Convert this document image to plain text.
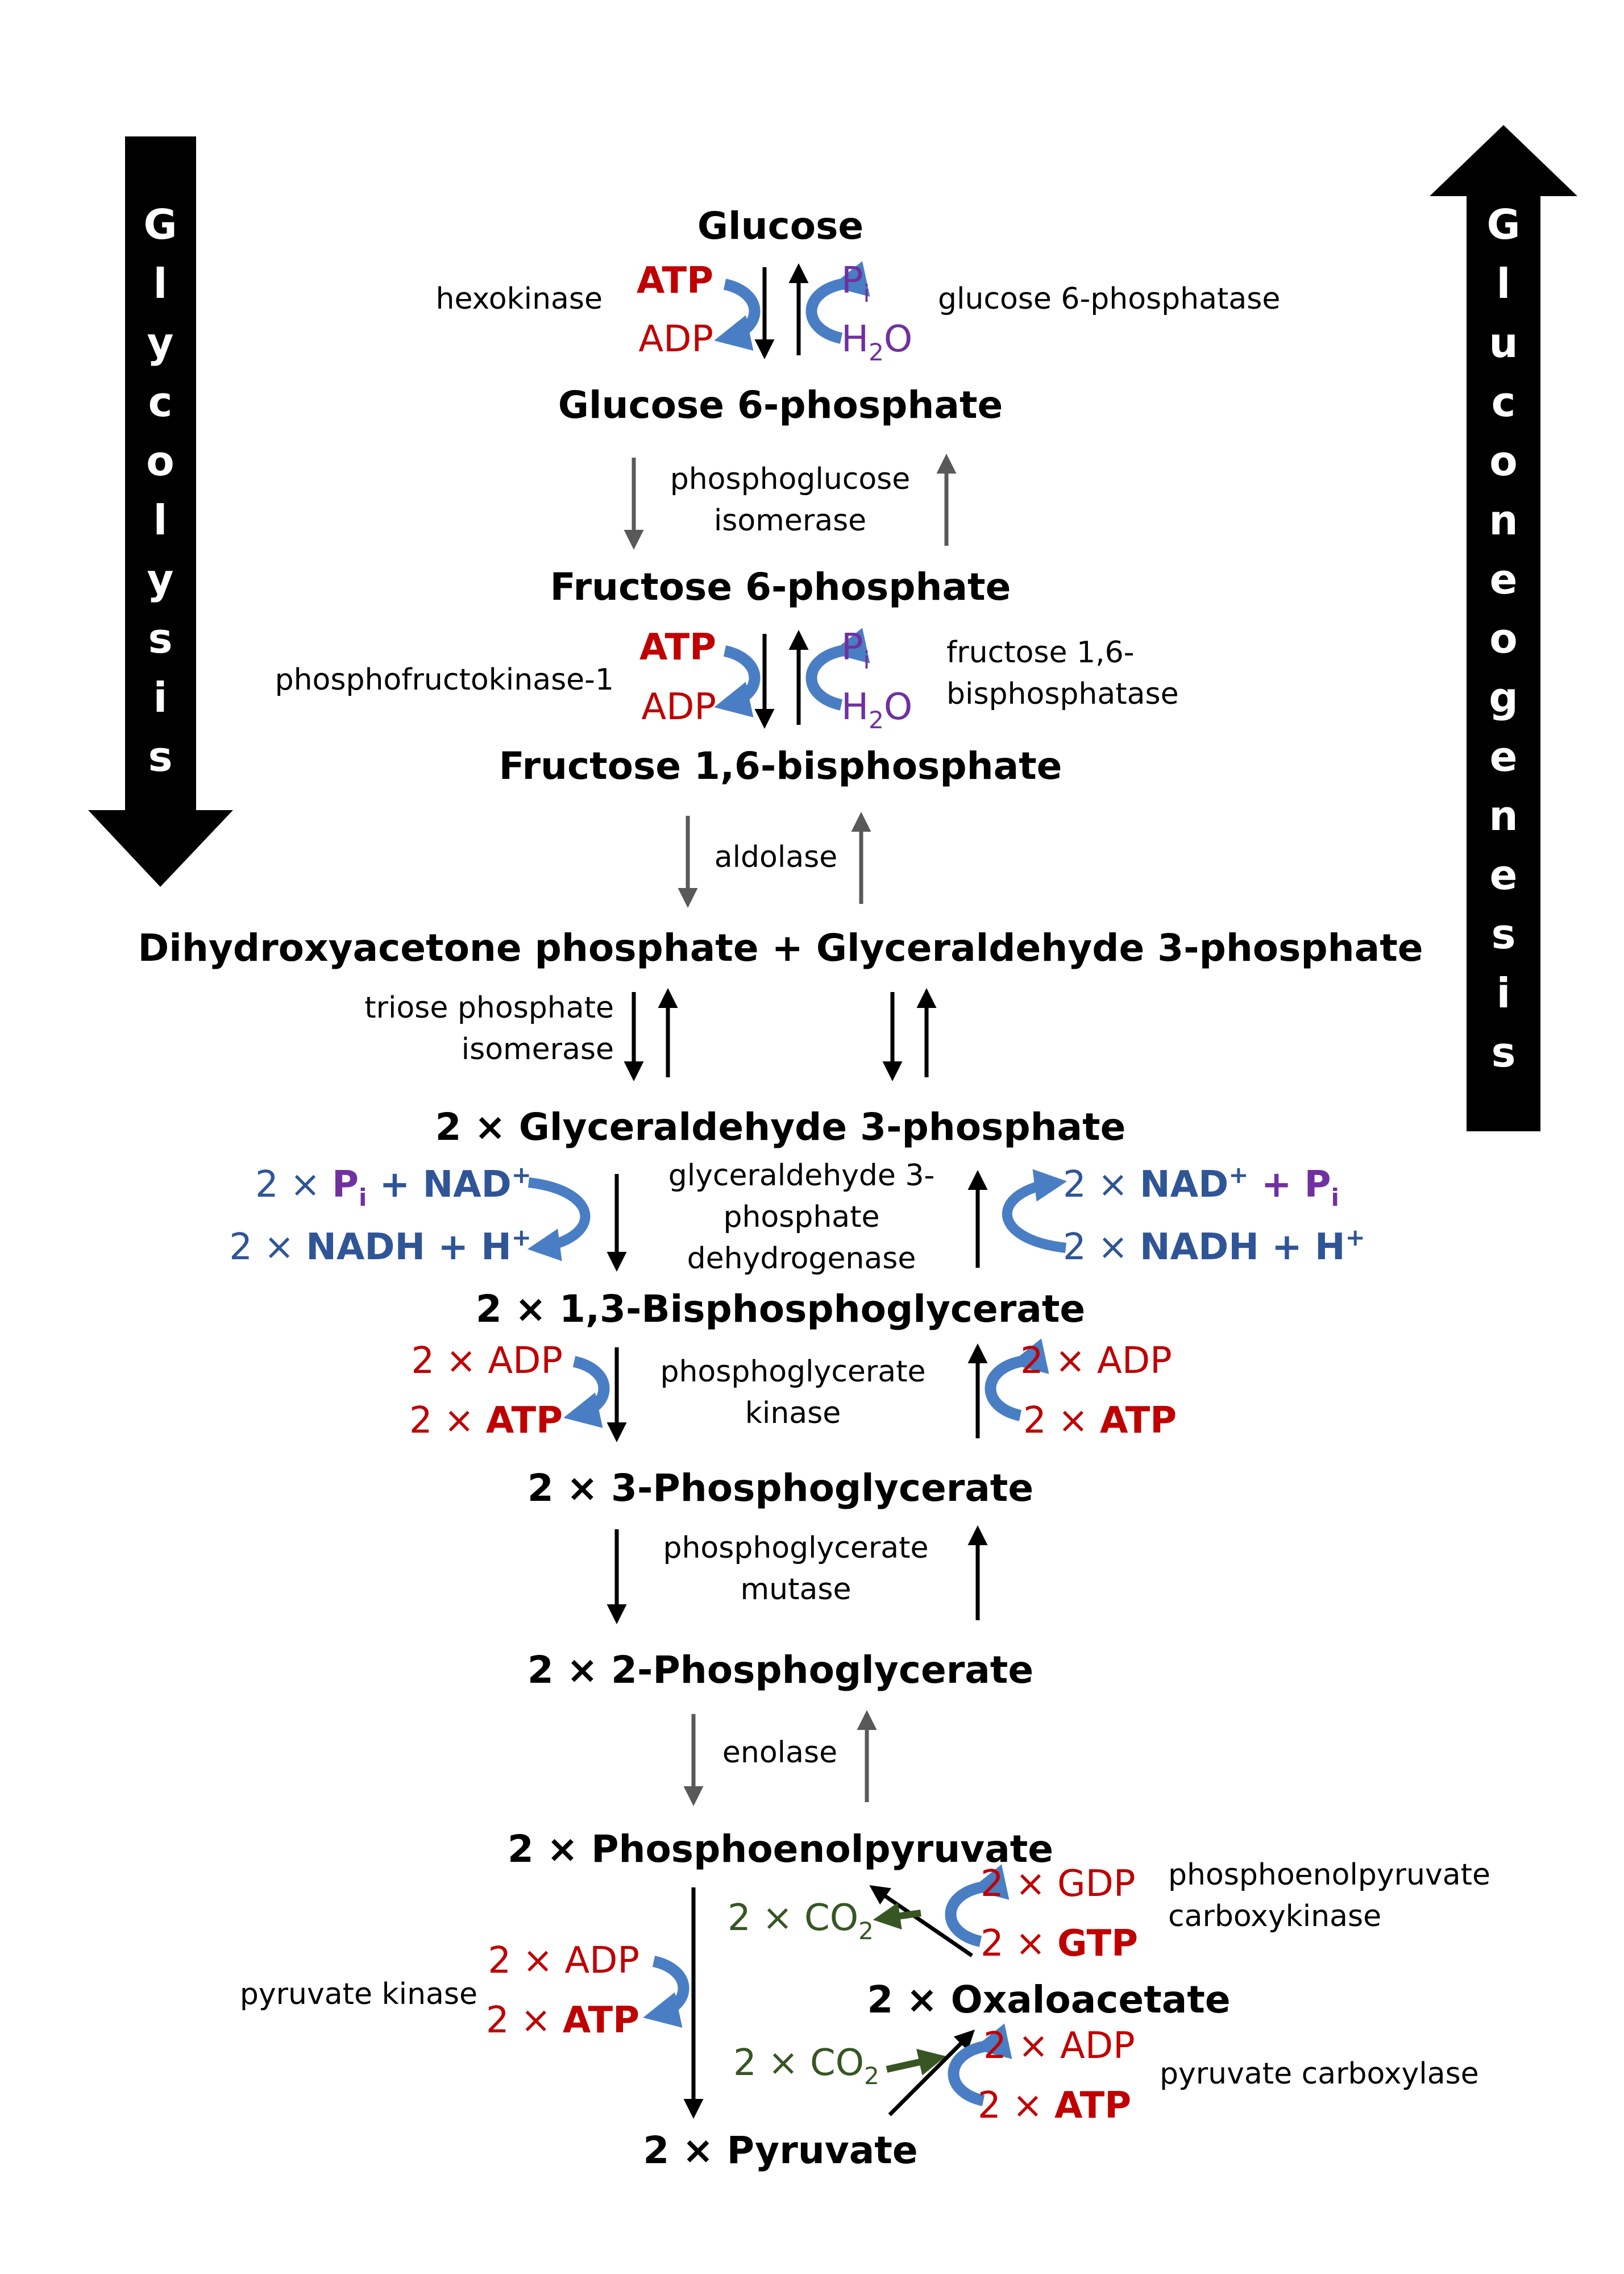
G l y c o l y s i s
G l u c o n e o g e n e s i s
Glucose
Glucose 6-phosphate
Fructose 6-phosphate
Fructose 1,6-bisphosphate
Dihydroxyacetone phosphate + Glyceraldehyde 3-phosphate
2 × Glyceraldehyde 3-phosphate
2 × 1,3-Bisphosphoglycerate
2 × 3-Phosphoglycerate
2 × 2-Phosphoglycerate
2 × Phosphoenolpyruvate
2 × Oxaloacetate
2 × Pyruvate
hexokinase ATP
ADP
$P_i$
$H_2O$
glucose 6-phosphatase
phosphoglucose
isomerase
phosphofructokinase-1
ATP
ADP
$P_i$
$H_2O$
fructose 1,6-
bisphosphatase
aldolase
triose phosphate
isomerase
$2 \times P_i + NAD^+$
2 × NADH + H+
glyceraldehyde 3-
phosphate
dehydrogenase
$2 \times NAD^+ + P_i$
2 × NADH + H+
2 × ADP
2 × ATP
phosphoglycerate
kinase
2 × ADP
2 × ATP
phosphoglycerate
mutase
enolase
pyruvate kinase
2 × ADP
2 × ATP
$2 \times CO_2$
2 × GDP
2 × GTP
phosphoenolpyruvate
carboxykinase
$2 \times CO_2$
2 × ADP
2 × ATP
pyruvate carboxylase
